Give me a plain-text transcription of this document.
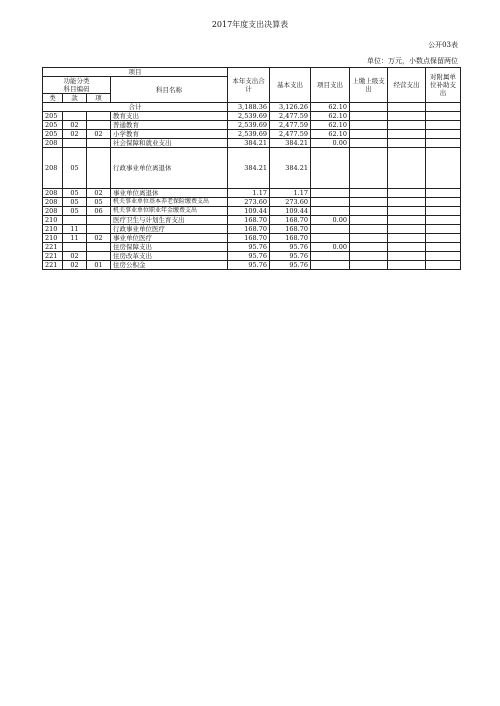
2017年度支出决算表
公开03表
单位：万元，小数点保留两位
项目				本年支出合计	基本支出	项目支出	上缴上级支出	经营支出	对附属单位补助支出

功能分类
科目编码			科目名称						
类	款	项							
合计				3,188.36	3,126.26	62.10			
205			教育支出	2,539.69	2,477.59	62.10			
205	02		普通教育	2,539.69	2,477.59	62.10			
205	02	02	小学教育	2,539.69	2,477.59	62.10			
208			社会保障和就业支出	384.21	384.21	0.00			
208	05		行政事业单位离退休	384.21	384.21				
208	05	02	事业单位离退休	1.17	1.17				
208	05	05	机关事业单位基本养老保险缴费支出	273.60	273.60				
208	05	06	机关事业单位职业年金缴费支出	109.44	109.44				
210			医疗卫生与计划生育支出	168.70	168.70	0.00			
210	11		行政事业单位医疗	168.70	168.70				
210	11	02	事业单位医疗	168.70	168.70				
221			住房保障支出	95.76	95.76	0.00			
221	02		住房改革支出	95.76	95.76				
221	02	01	住房公积金	95.76	95.76				
